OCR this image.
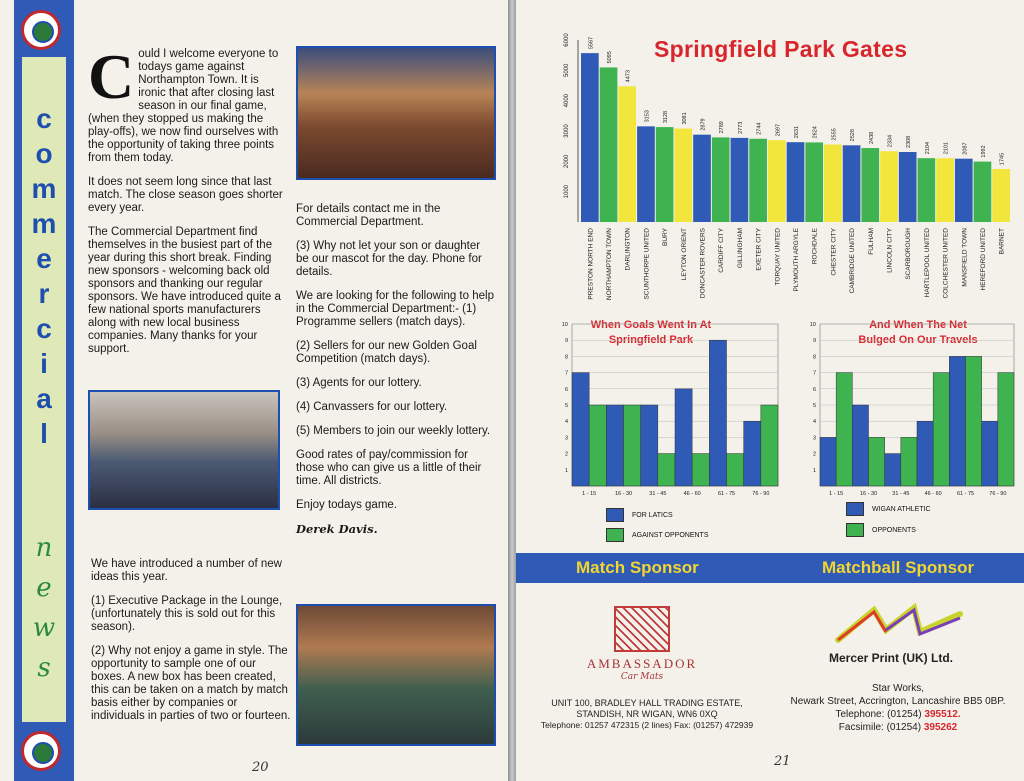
c
o
m
m
e
r
c
i
a
l
n
e
w
s

Could I welcome everyone to todays game against Northampton Town. It is ironic that after closing last season in our final game, (when they stopped us making the play-offs), we now find ourselves with the opportunity of taking three points from them today.

It does not seem long since that last match. The close season goes shorter every year.

The Commercial Department find themselves in the busiest part of the year during this short break. Finding new sponsors - welcoming back old sponsors and thanking our regular sponsors. We have introduced quite a few national sports manufacturers along with new local business companies. Many thanks for your support.

We have introduced a number of new ideas this year.

(1) Executive Package in the Lounge, (unfortunately this is sold out for this season).

(2) Why not enjoy a game in style. The opportunity to sample one of our boxes. A new box has been created, this can be taken on a match by match basis either by companies or individuals in parties of two or fourteen.

For details contact me in the Commercial Department.

(3) Why not let your son or daughter be our mascot for the day. Phone for details.

We are looking for the following to help in the Commercial Department:- (1) Programme sellers (match days).

(2) Sellers for our new Golden Goal Competition (match days).

(3) Agents for our lottery.

(4) Canvassers for our lottery.

(5) Members to join our weekly lottery.

Good rates of pay/commission for those who can give us a little of their time. All districts.

Enjoy todays game.

Derek Davis.

20
Springfield Park Gates
1000
2000
3000
4000
5000
6000	5567
PRESTON NORTH END
5095
NORTHAMPTON TOWN
4473
DARLINGTON
3153
SCUNTHORPE UNITED
3128
BURY
3081
LEYTON ORIENT
2879
DONCASTER ROVERS
2789
CARDIFF CITY
2773
GILLINGHAM
2744
EXETER CITY
2697
TORQUAY UNITED
2631
PLYMOUTH ARGYLE
2624
ROCHDALE
2555
CHESTER CITY
2528
CAMBRIDGE UNITED
2438
FULHAM
2334
LINCOLN CITY
2308
SCARBOROUGH
2104
HARTLEPOOL UNITED
2101
COLCHESTER UNITED
2087
MANSFIELD TOWN
1992
HEREFORD UNITED
1745
BARNET
When Goals Went In At
Springfield Park
1
2
3
4
5
6
7
8
9
10
1 - 15	16 - 30	31 - 45	46 - 60	61 - 75	76 - 90
And When The Net
Bulged On Our Travels
1
2
3
4
5
6
7
8
9
10
1 - 15	16 - 30	31 - 45	46 - 60	61 - 75	76 - 90
FOR LATICS
AGAINST OPPONENTS
WIGAN ATHLETIC
OPPONENTS
Match Sponsor	Matchball Sponsor
AMBASSADOR
Car Mats
UNIT 100, BRADLEY HALL TRADING ESTATE,
STANDISH, NR WIGAN, WN6 0XQ
Telephone: 01257 472315 (2 lines) Fax: (01257) 472939
Mercer Print (UK) Ltd.
Star Works,
Newark Street, Accrington, Lancashire BB5 0BP.
Telephone: (01254) 395512.
Facsimile: (01254) 395262
21
